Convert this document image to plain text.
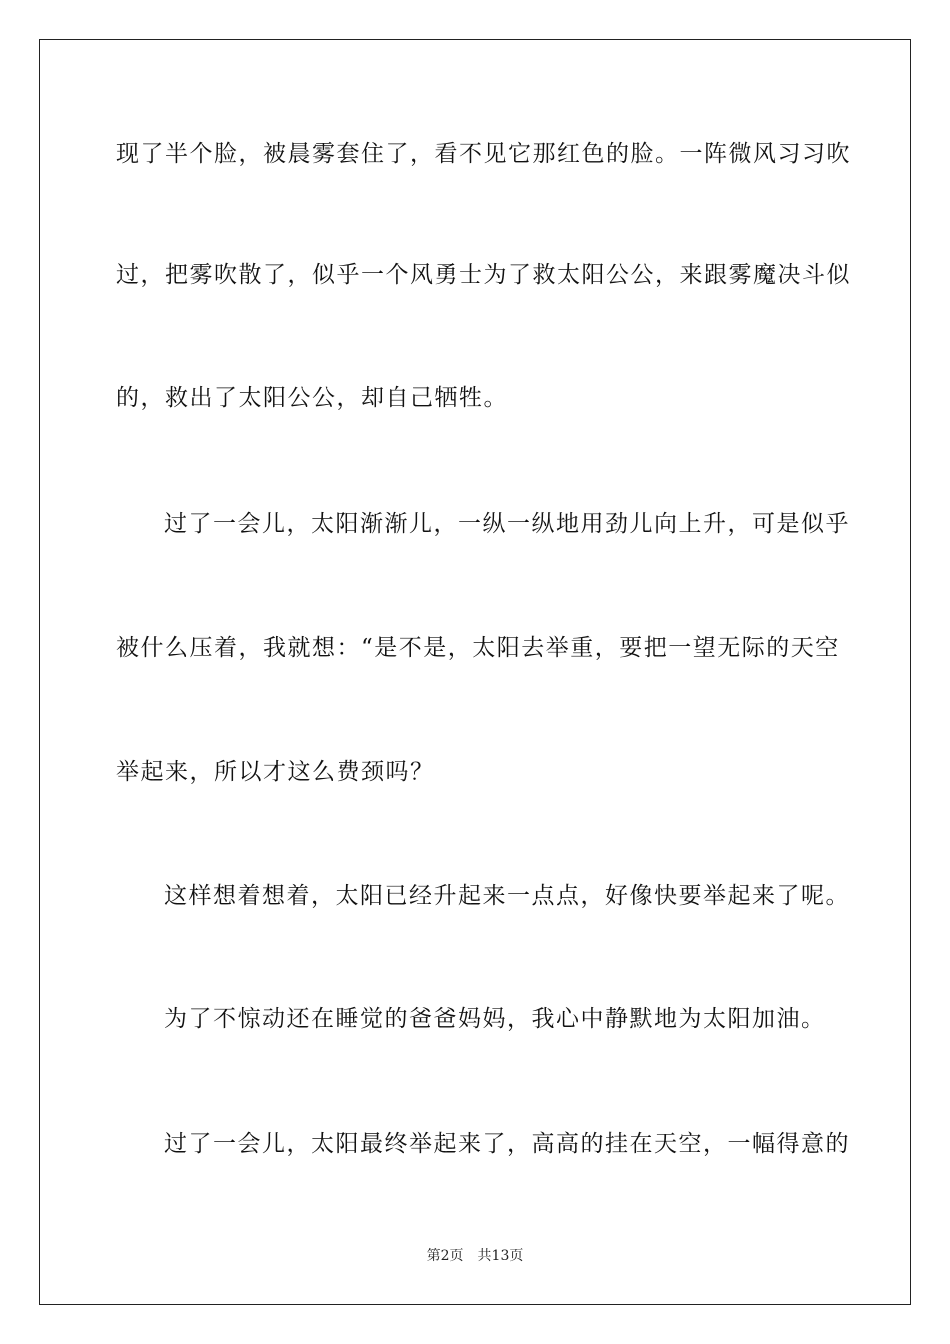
现了半个脸，被晨雾套住了，看不见它那红色的脸。一阵微风习习吹
过，把雾吹散了，似乎一个风勇士为了救太阳公公，来跟雾魔决斗似
的，救出了太阳公公，却自己牺牲。
过了一会儿，太阳渐渐儿，一纵一纵地用劲儿向上升，可是似乎
被什么压着，我就想：“是不是，太阳去举重，要把一望无际的天空
举起来，所以才这么费颈吗？
这样想着想着，太阳已经升起来一点点，好像快要举起来了呢。
为了不惊动还在睡觉的爸爸妈妈，我心中静默地为太阳加油。
过了一会儿，太阳最终举起来了，高高的挂在天空，一幅得意的
第2页 共13页
